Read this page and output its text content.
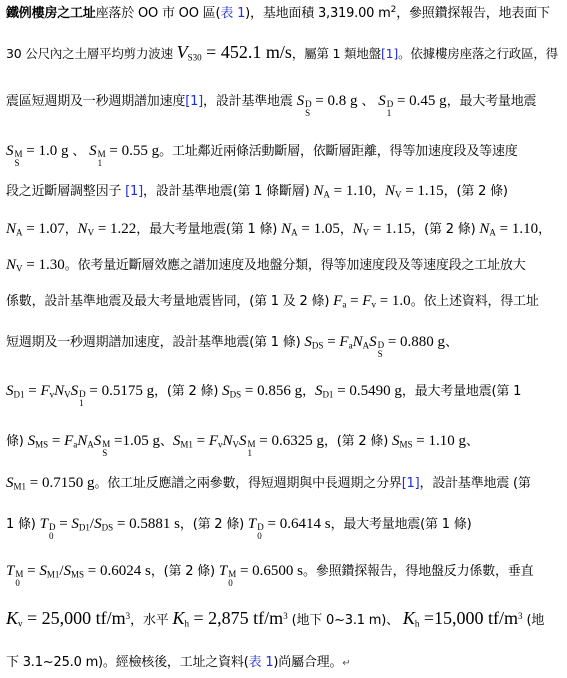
鐵例樓房之工址座落於 OO 市 OO 區(表 1)，基地面積 3,319.00 $m^2$，參照鑽探報告，地表面下
30 公尺內之土層平均剪力波速 $V_{S30} = 452.1$ m/s，屬第 1 類地盤[1]。依據樓房座落之行政區，得
震區短週期及一秒週期譜加速度[1]，設計基準地震 S D
S
= 0.8 g 、 S D
1
= 0.45 g，最大考量地震
S M
S
= 1.0 g 、 S M
1
= 0.55 g。工址鄰近兩條活動斷層，依斷層距離，得等加速度段及等速度
段之近斷層調整因子 [1]，設計基準地震(第 1 條斷層) $N_A = 1.10$，$N_V = 1.15$，(第 2 條)
$N_A = 1.07$，$N_V = 1.22$，最大考量地震(第 1 條) $N_A = 1.05$，$N_V = 1.15$，(第 2 條) $N_A = 1.10$，
$N_V = 1.30$。依考量近斷層效應之譜加速度及地盤分類，得等加速度段及等速度段之工址放大
係數，設計基準地震及最大考量地震皆同，(第 1 及 2 條) $F_a = F_v = 1.0$。依上述資料，得工址
短週期及一秒週期譜加速度，設計基準地震(第 1 條) $S_{DS} = F_aN_AS$ D
S
= 0.880 g、
$S_{D1} = F_vN_VS$ D
1
= 0.5175 g，(第 2 條) $S_{DS} = 0.856$ g，$S_{D1} = 0.5490$ g，最大考量地震(第 1
條) $S_{MS} = F_aN_AS$ M
S
=1.05 g、$S_{M1} = F_vN_VS$ M
1
= 0.6325 g，(第 2 條) $S_{MS} = 1.10$ g、
$S_{M1} = 0.7150$ g。依工址反應譜之兩參數，得短週期與中長週期之分界[1]，設計基準地震 (第
1 條) T D
0
= $S_{D1}/S_{DS} = 0.5881$ s，(第 2 條) T D
0
= 0.6414 s，最大考量地震(第 1 條)
T M
0
= $S_{M1}/S_{MS} = 0.6024$ s，(第 2 條) T M
0
= 0.6500 s。參照鑽探報告，得地盤反力係數，垂直
$K_v = 25,000$ $tf/m^3$，水平 $K_h = 2,875$ $tf/m^3$ (地下 0~3.1 m)、 $K_h =15,000$ $tf/m^3$ (地
下 3.1~25.0 m)。經檢核後，工址之資料(表 1)尚屬合理。↵
